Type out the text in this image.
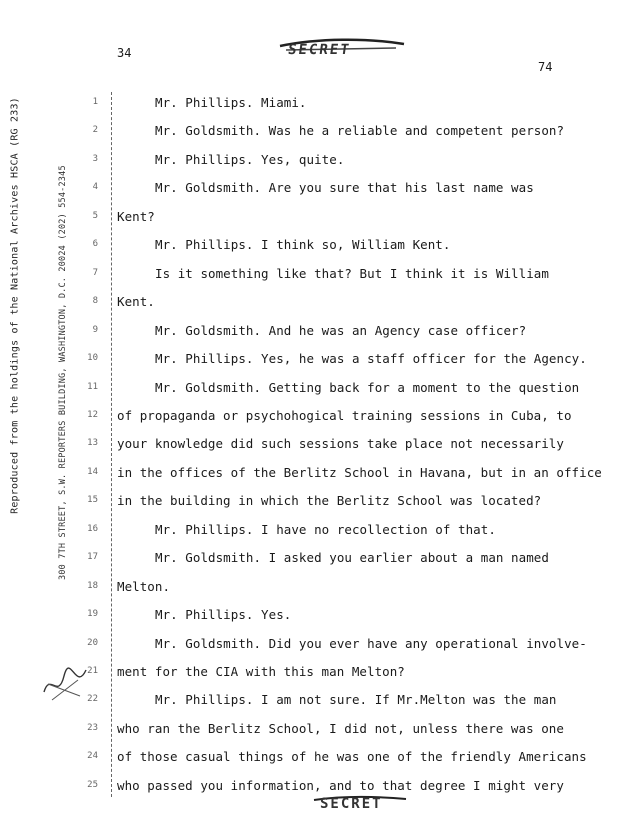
Reproduced from the holdings of the National Archives HSCA (RG 233)	300 7TH STREET, S.W. REPORTERS BUILDING, WASHINGTON, D.C. 20024 (202) 554-2345
34
74
SECRET
1
2
3
4
5
6
7
8
9
10
11
12
13
14
15
16
17
18
19
20
21
22
23
24
25
Mr. Phillips. Miami.
Mr. Goldsmith. Was he a reliable and competent person?
Mr. Phillips. Yes, quite.
Mr. Goldsmith. Are you sure that his last name was
Kent?
Mr. Phillips. I think so, William Kent.
Is it something like that? But I think it is William
Kent.
Mr. Goldsmith. And he was an Agency case officer?
Mr. Phillips. Yes, he was a staff officer for the Agency.
Mr. Goldsmith. Getting back for a moment to the question
of propaganda or psychohogical training sessions in Cuba, to
your knowledge did such sessions take place not necessarily
in the offices of the Berlitz School in Havana, but in an office
in the building in which the Berlitz School was located?
Mr. Phillips. I have no recollection of that.
Mr. Goldsmith. I asked you earlier about a man named
Melton.
Mr. Phillips. Yes.
Mr. Goldsmith. Did you ever have any operational involve-
ment for the CIA with this man Melton?
Mr. Phillips. I am not sure. If Mr.Melton was the man
who ran the Berlitz School, I did not, unless there was one
of those casual things of he was one of the friendly Americans
who passed you information, and to that degree I might very
SECRET
